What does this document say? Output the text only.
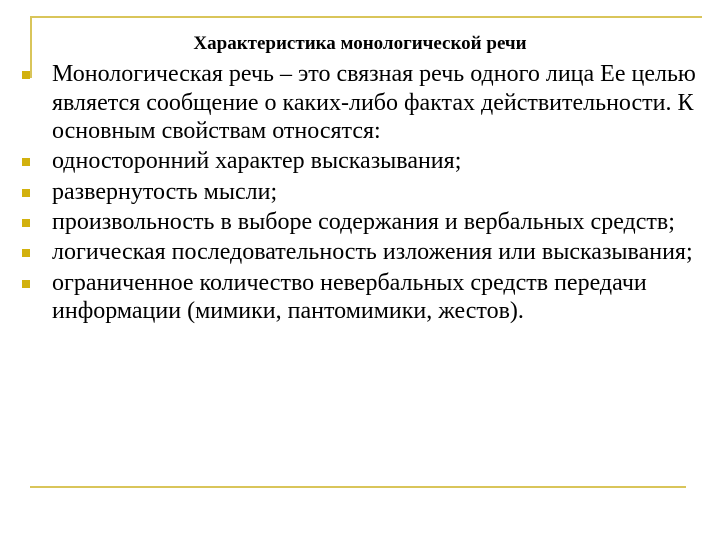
Характеристика монологической речи
Монологическая речь – это связная речь одного лица Ее целью является сообщение о каких-либо фактах действительности. К основным свойствам относятся:
односторонний характер высказывания;
развернутость мысли;
произвольность в выборе содержания и вербальных средств;
логическая последовательность изложения или высказывания;
ограниченное количество невербальных средств передачи информации (мимики, пантомимики, жестов).
